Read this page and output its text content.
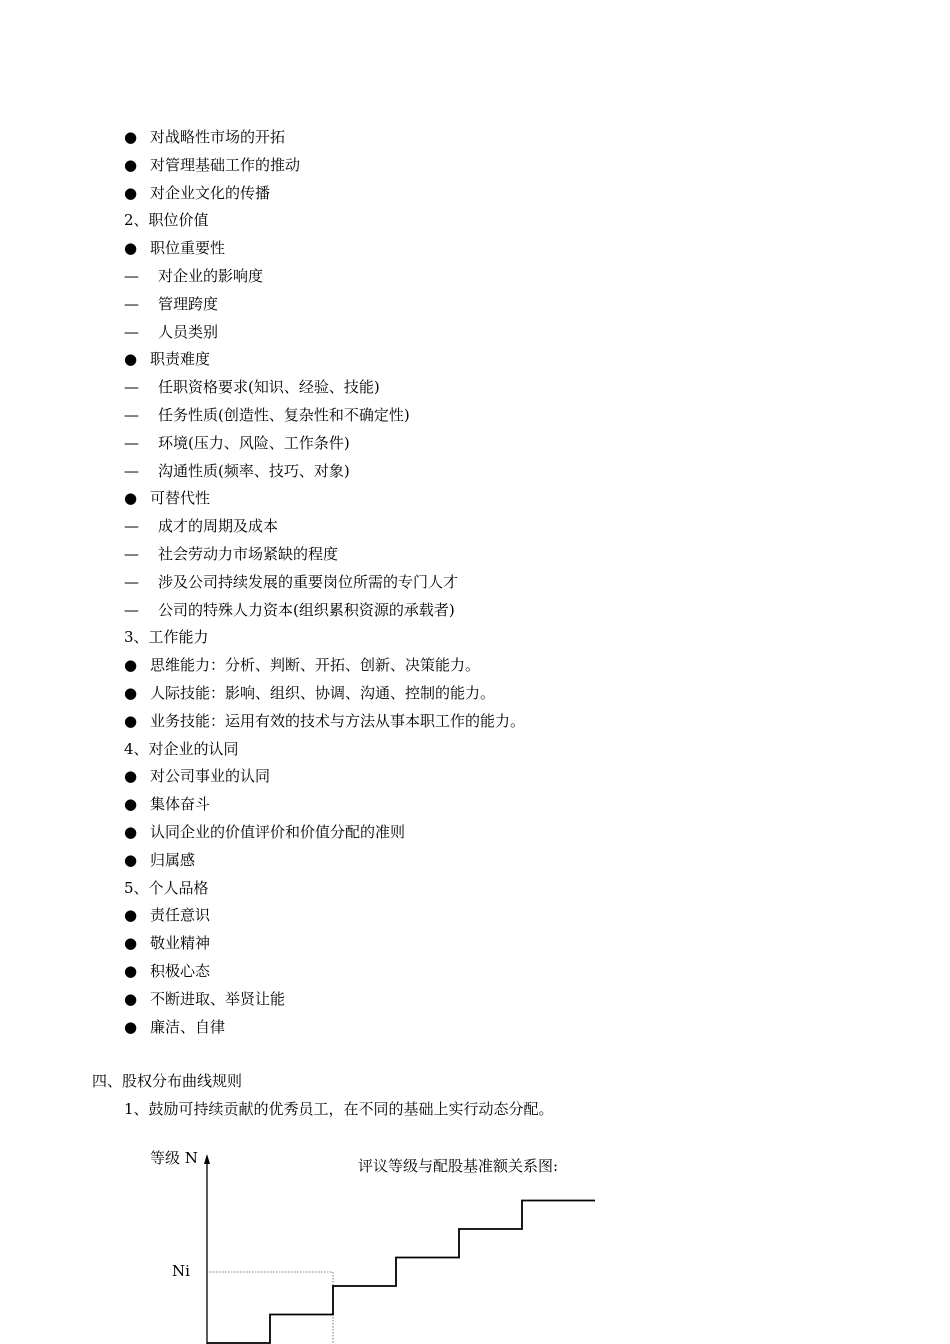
● 对战略性市场的开拓
● 对管理基础工作的推动
● 对企业文化的传播
2、职位价值
● 职位重要性
— 对企业的影响度
— 管理跨度
— 人员类别
● 职责难度
— 任职资格要求(知识、经验、技能)
— 任务性质(创造性、复杂性和不确定性)
— 环境(压力、风险、工作条件)
— 沟通性质(频率、技巧、对象)
● 可替代性
— 成才的周期及成本
— 社会劳动力市场紧缺的程度
— 涉及公司持续发展的重要岗位所需的专门人才
— 公司的特殊人力资本(组织累积资源的承载者)
3、工作能力
● 思维能力：分析、判断、开拓、创新、决策能力。
● 人际技能：影响、组织、协调、沟通、控制的能力。
● 业务技能：运用有效的技术与方法从事本职工作的能力。
4、对企业的认同
● 对公司事业的认同
● 集体奋斗
● 认同企业的价值评价和价值分配的准则
● 归属感
5、个人品格
● 责任意识
● 敬业精神
● 积极心态
● 不断进取、举贤让能
● 廉洁、自律
四、股权分布曲线规则
1、鼓励可持续贡献的优秀员工，在不同的基础上实行动态分配。
评议等级与配股基准额关系图:
等级 N
Ni
